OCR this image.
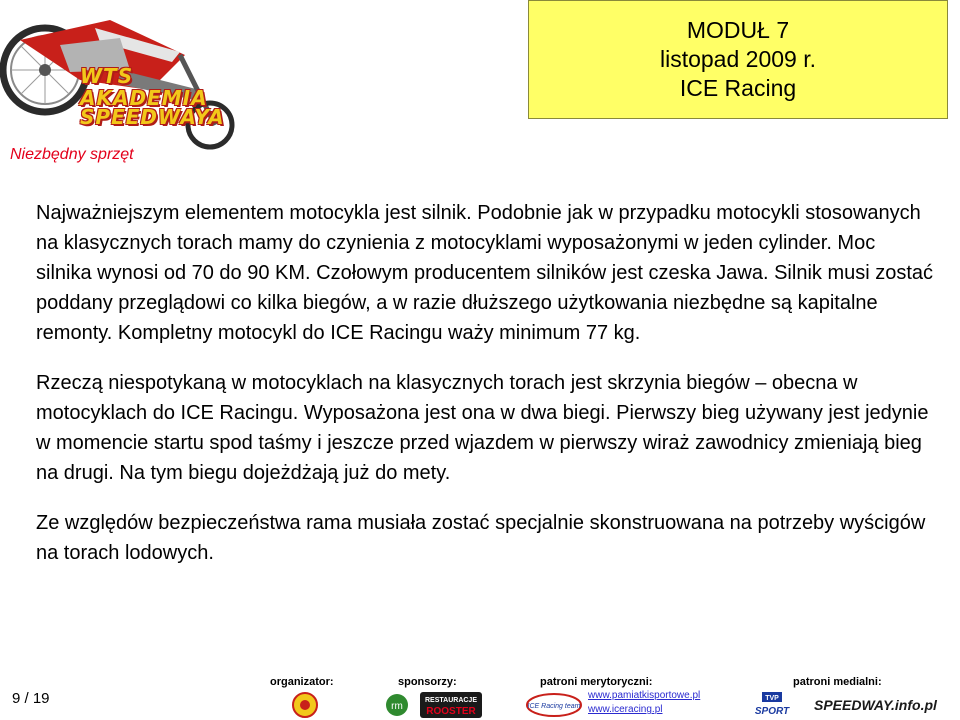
WTS
AKADEMIA
SPEEDWAYA
Niezbędny sprzęt
MODUŁ 7
listopad 2009 r.
ICE Racing

Najważniejszym elementem motocykla jest silnik. Podobnie jak w przypadku motocykli stosowanych na klasycznych torach mamy do czynienia z motocyklami wyposażonymi w jeden cylinder. Moc silnika wynosi od 70 do 90 KM. Czołowym producentem silników jest czeska Jawa. Silnik musi zostać poddany przeglądowi co kilka biegów, a w razie dłuższego użytkowania niezbędne są kapitalne remonty. Kompletny motocykl do ICE Racingu waży minimum 77 kg.

Rzeczą niespotykaną w motocyklach na klasycznych torach jest skrzynia biegów – obecna w motocyklach do ICE Racingu. Wyposażona jest ona w dwa biegi. Pierwszy bieg używany jest jedynie w momencie startu spod taśmy i jeszcze przed wjazdem w pierwszy wiraż zawodnicy zmieniają bieg na drugi. Na tym biegu dojeżdżają już do mety.

Ze względów bezpieczeństwa rama musiała zostać specjalnie skonstruowana na potrzeby wyścigów na torach lodowych.

9 / 19
organizator:	sponsorzy:	patroni merytoryczni:	patroni medialni:
rm
RESTAURACJE
ROOSTER	ICE Racing team
www.pamiatkisportowe.pl
www.iceracing.pl
TVP
SPORT SPEEDWAY.info.pl
